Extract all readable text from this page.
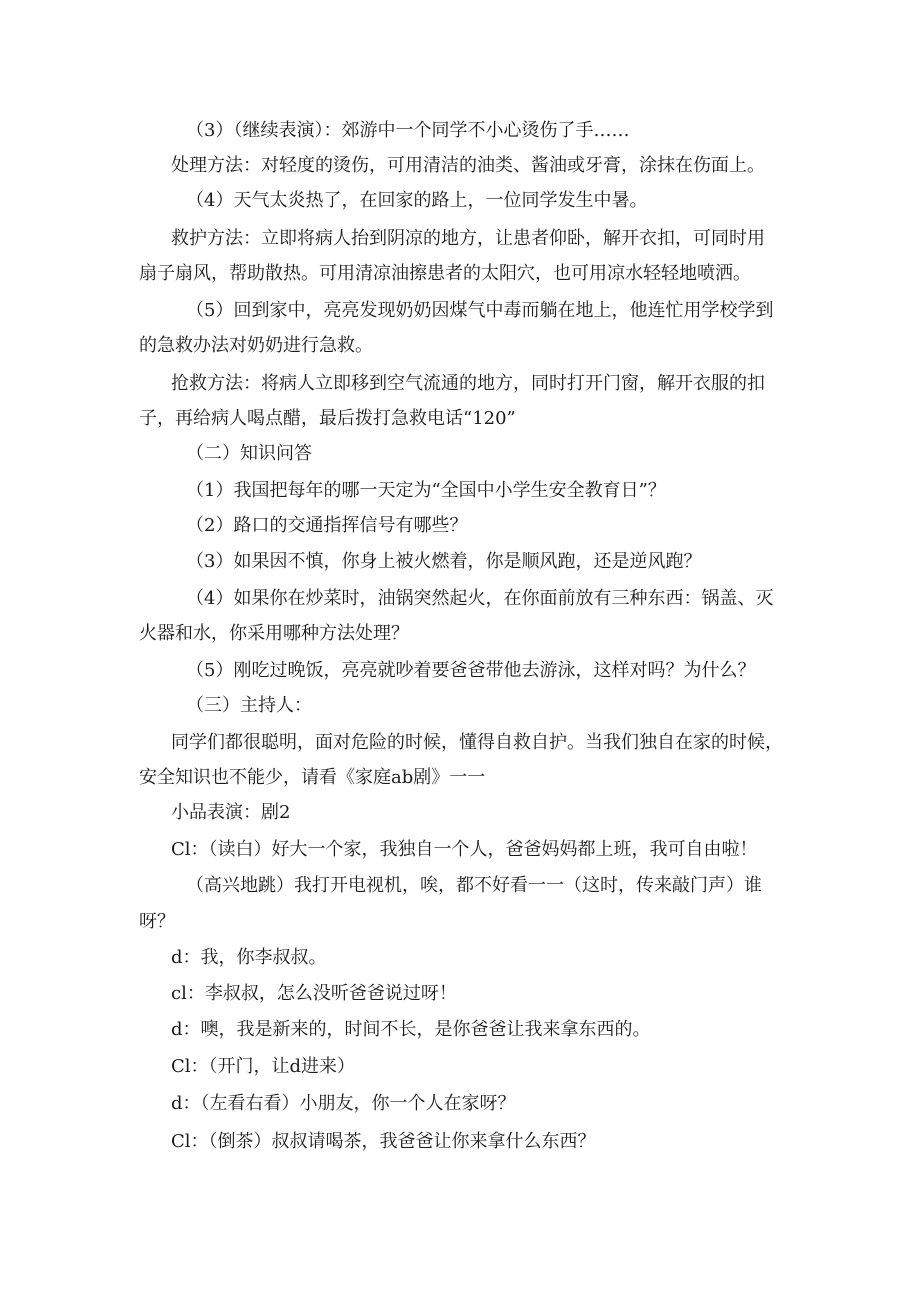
（3）（继续表演）：郊游中一个同学不小心烫伤了手……
处理方法：对轻度的烫伤，可用清洁的油类、酱油或牙膏，涂抹在伤面上。
（4）天气太炎热了，在回家的路上，一位同学发生中暑。
救护方法：立即将病人抬到阴凉的地方，让患者仰卧，解开衣扣，可同时用
扇子扇风，帮助散热。可用清凉油擦患者的太阳穴，也可用凉水轻轻地喷洒。
（5）回到家中，亮亮发现奶奶因煤气中毒而躺在地上，他连忙用学校学到
的急救办法对奶奶进行急救。
抢救方法：将病人立即移到空气流通的地方，同时打开门窗，解开衣服的扣
子，再给病人喝点醋，最后拨打急救电话“120”
（二）知识问答
（1）我国把每年的哪一天定为“全国中小学生安全教育日”？
（2）路口的交通指挥信号有哪些？
（3）如果因不慎，你身上被火燃着，你是顺风跑，还是逆风跑？
（4）如果你在炒菜时，油锅突然起火，在你面前放有三种东西：锅盖、灭
火器和水，你采用哪种方法处理？
（5）刚吃过晚饭，亮亮就吵着要爸爸带他去游泳，这样对吗？为什么？
（三）主持人：
同学们都很聪明，面对危险的时候，懂得自救自护。当我们独自在家的时候，
安全知识也不能少，请看《家庭ab剧》一一
小品表演：剧2
Cl：（读白）好大一个家，我独自一个人，爸爸妈妈都上班，我可自由啦！
（高兴地跳）我打开电视机，唉，都不好看一一（这时，传来敲门声）谁
呀？
d：我，你李叔叔。
cl：李叔叔，怎么没听爸爸说过呀！
d：噢，我是新来的，时间不长，是你爸爸让我来拿东西的。
Cl：（开门，让d进来）
d：（左看右看）小朋友，你一个人在家呀？
Cl：（倒茶）叔叔请喝茶，我爸爸让你来拿什么东西？
